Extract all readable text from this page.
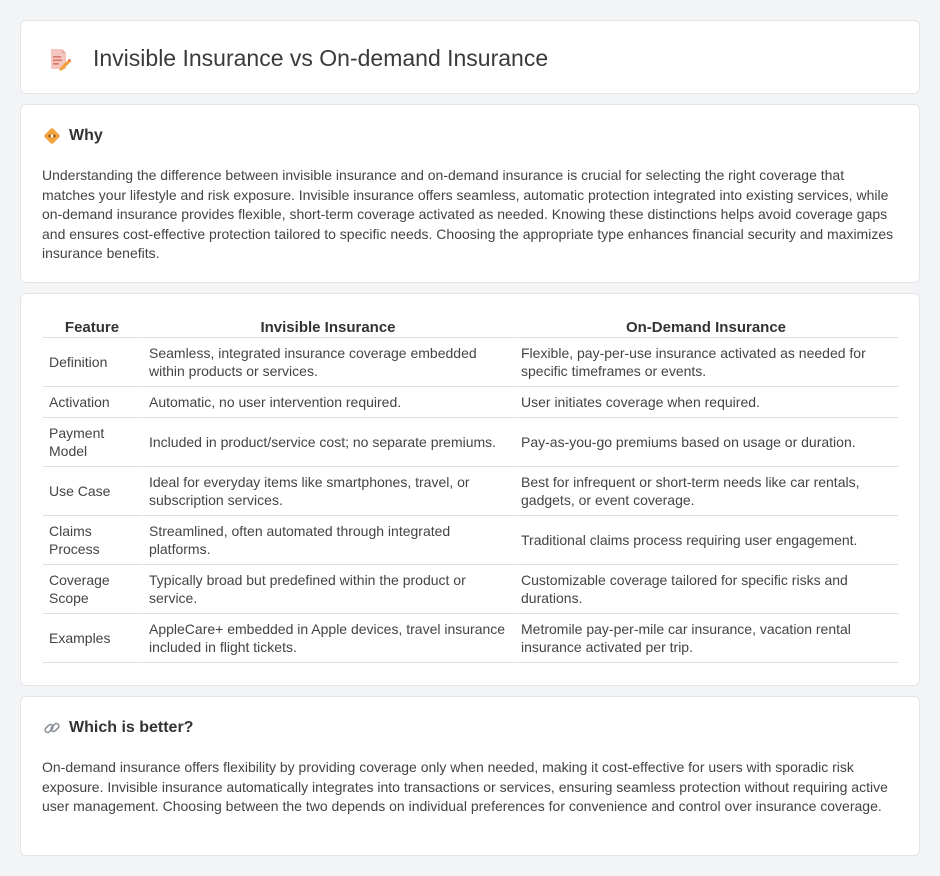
Invisible Insurance vs On-demand Insurance
Why

Understanding the difference between invisible insurance and on-demand insurance is crucial for selecting the right coverage that matches your lifestyle and risk exposure. Invisible insurance offers seamless, automatic protection integrated into existing services, while on-demand insurance provides flexible, short-term coverage activated as needed. Knowing these distinctions helps avoid coverage gaps and ensures cost-effective protection tailored to specific needs. Choosing the appropriate type enhances financial security and maximizes insurance benefits.

Feature	Invisible Insurance	On-Demand Insurance
Definition	Seamless, integrated insurance coverage embedded within products or services.	Flexible, pay-per-use insurance activated as needed for specific timeframes or events.
Activation	Automatic, no user intervention required.	User initiates coverage when required.
Payment Model	Included in product/service cost; no separate premiums.	Pay-as-you-go premiums based on usage or duration.
Use Case	Ideal for everyday items like smartphones, travel, or subscription services.	Best for infrequent or short-term needs like car rentals, gadgets, or event coverage.
Claims Process	Streamlined, often automated through integrated platforms.	Traditional claims process requiring user engagement.
Coverage Scope	Typically broad but predefined within the product or service.	Customizable coverage tailored for specific risks and durations.
Examples	AppleCare+ embedded in Apple devices, travel insurance included in flight tickets.	Metromile pay-per-mile car insurance, vacation rental insurance activated per trip.
Which is better?

On-demand insurance offers flexibility by providing coverage only when needed, making it cost-effective for users with sporadic risk exposure. Invisible insurance automatically integrates into transactions or services, ensuring seamless protection without requiring active user management. Choosing between the two depends on individual preferences for convenience and control over insurance coverage.
